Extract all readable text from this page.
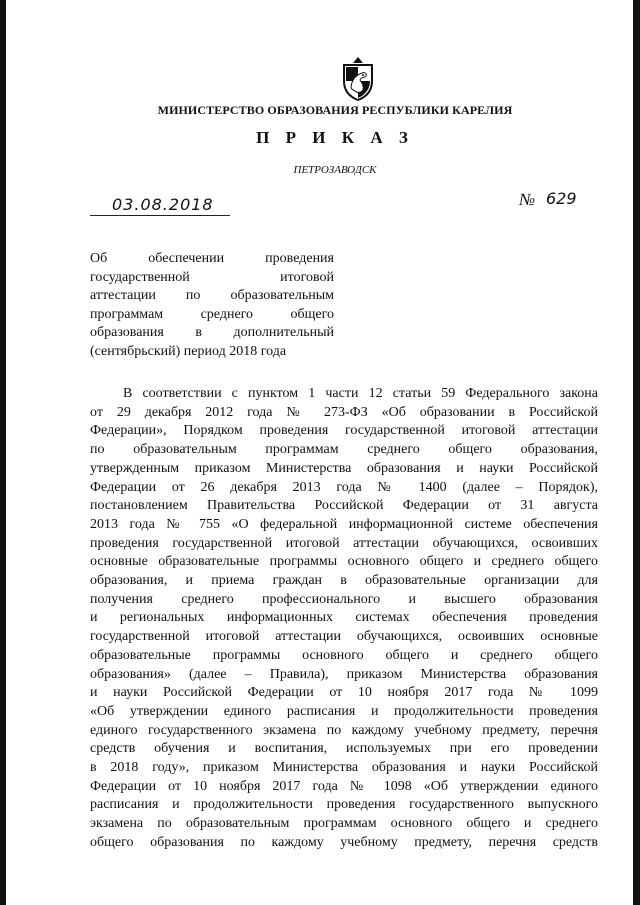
МИНИСТЕРСТВО ОБРАЗОВАНИЯ РЕСПУБЛИКИ КАРЕЛИЯ
П Р И К А З
ПЕТРОЗАВОДСК
03.08.2018	№ 629
Об обеспечении проведения
государственной итоговой
аттестации по образовательным
программам среднего общего
образования в дополнительный
(сентябрьский) период 2018 года
В соответствии с пунктом 1 части 12 статьи 59 Федерального закона
от 29 декабря 2012 года № 273-ФЗ «Об образовании в Российской
Федерации», Порядком проведения государственной итоговой аттестации
по образовательным программам среднего общего образования,
утвержденным приказом Министерства образования и науки Российской
Федерации от 26 декабря 2013 года № 1400 (далее – Порядок),
постановлением Правительства Российской Федерации от 31 августа
2013 года № 755 «О федеральной информационной системе обеспечения
проведения государственной итоговой аттестации обучающихся, освоивших
основные образовательные программы основного общего и среднего общего
образования, и приема граждан в образовательные организации для
получения среднего профессионального и высшего образования
и региональных информационных системах обеспечения проведения
государственной итоговой аттестации обучающихся, освоивших основные
образовательные программы основного общего и среднего общего
образования» (далее – Правила), приказом Министерства образования
и науки Российской Федерации от 10 ноября 2017 года № 1099
«Об утверждении единого расписания и продолжительности проведения
единого государственного экзамена по каждому учебному предмету, перечня
средств обучения и воспитания, используемых при его проведении
в 2018 году», приказом Министерства образования и науки Российской
Федерации от 10 ноября 2017 года № 1098 «Об утверждении единого
расписания и продолжительности проведения государственного выпускного
экзамена по образовательным программам основного общего и среднего
общего образования по каждому учебному предмету, перечня средств
